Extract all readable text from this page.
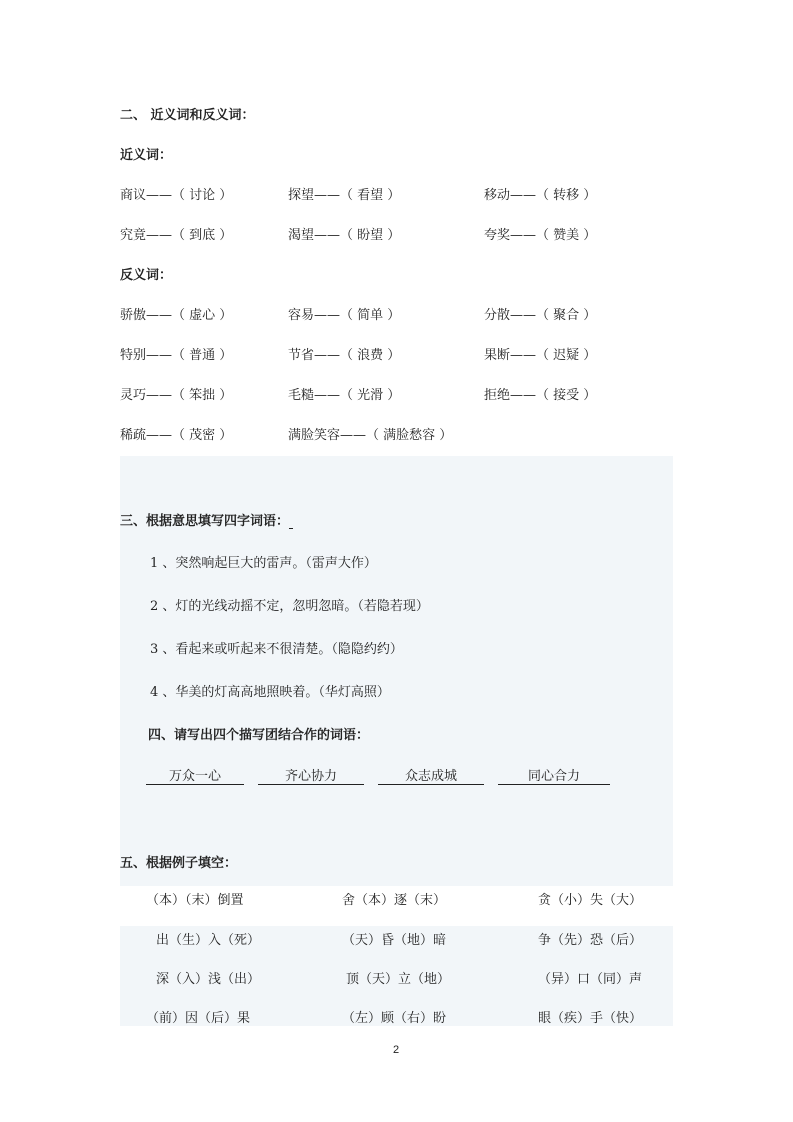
二、 近义词和反义词：
近义词：
商议——（ 讨论 ）	探望——（ 看望 ）	移动——（ 转移 ）
究竟——（ 到底 ）	渴望——（ 盼望 ）	夸奖——（ 赞美 ）
反义词：
骄傲——（ 虚心 ）	容易——（ 简单 ）	分散——（ 聚合 ）
特别——（ 普通 ）	节省——（ 浪费 ）	果断——（ 迟疑 ）
灵巧——（ 笨拙 ）	毛糙——（ 光滑 ）	拒绝——（ 接受 ）
稀疏——（ 茂密 ）	满脸笑容——（ 满脸愁容 ）
三、根据意思填写四字词语：
1 、突然响起巨大的雷声。（雷声大作）
2 、灯的光线动摇不定，忽明忽暗。（若隐若现）
3 、看起来或听起来不很清楚。（隐隐约约）
4 、华美的灯高高地照映着。（华灯高照）
四、请写出四个描写团结合作的词语：
万众一心	齐心协力	众志成城	同心合力
五、根据例子填空：
（本）（末）倒置	舍（本）逐（末）	贪（小）失（大）
出（生）入（死）	（天）昏（地）暗	争（先）恐（后）
深（入）浅（出）	顶（天）立（地）	（异）口（同）声
（前）因（后）果	（左）顾（右）盼	眼（疾）手（快）
2
